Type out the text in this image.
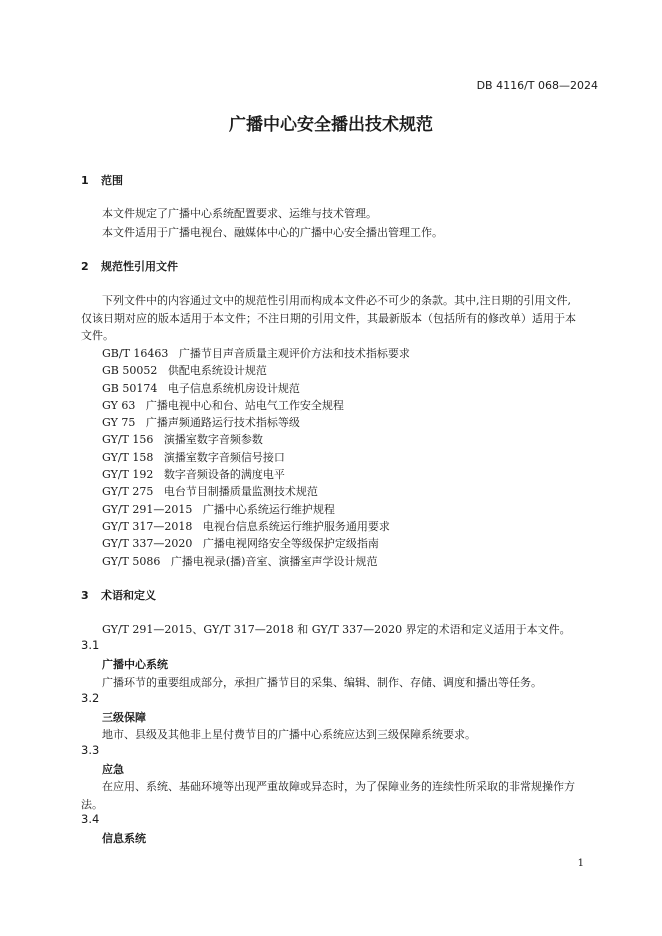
DB 4116/T 068—2024
广播中心安全播出技术规范
1 范围
本文件规定了广播中心系统配置要求、运维与技术管理。
本文件适用于广播电视台、融媒体中心的广播中心安全播出管理工作。
2 规范性引用文件
下列文件中的内容通过文中的规范性引用而构成本文件必不可少的条款。其中,注日期的引用文件,
仅该日期对应的版本适用于本文件；不注日期的引用文件，其最新版本（包括所有的修改单）适用于本
文件。
GB/T 16463 广播节目声音质量主观评价方法和技术指标要求
GB 50052 供配电系统设计规范
GB 50174 电子信息系统机房设计规范
GY 63 广播电视中心和台、站电气工作安全规程
GY 75 广播声频通路运行技术指标等级
GY/T 156 演播室数字音频参数
GY/T 158 演播室数字音频信号接口
GY/T 192 数字音频设备的满度电平
GY/T 275 电台节目制播质量监测技术规范
GY/T 291—2015 广播中心系统运行维护规程
GY/T 317—2018 电视台信息系统运行维护服务通用要求
GY/T 337—2020 广播电视网络安全等级保护定级指南
GY/T 5086 广播电视录(播)音室、演播室声学设计规范
3 术语和定义
GY/T 291—2015、GY/T 317—2018 和 GY/T 337—2020 界定的术语和定义适用于本文件。
3.1
广播中心系统
广播环节的重要组成部分，承担广播节目的采集、编辑、制作、存储、调度和播出等任务。
3.2
三级保障
地市、县级及其他非上星付费节目的广播中心系统应达到三级保障系统要求。
3.3
应急
在应用、系统、基础环境等出现严重故障或异态时，为了保障业务的连续性所采取的非常规操作方
法。
3.4
信息系统
1
